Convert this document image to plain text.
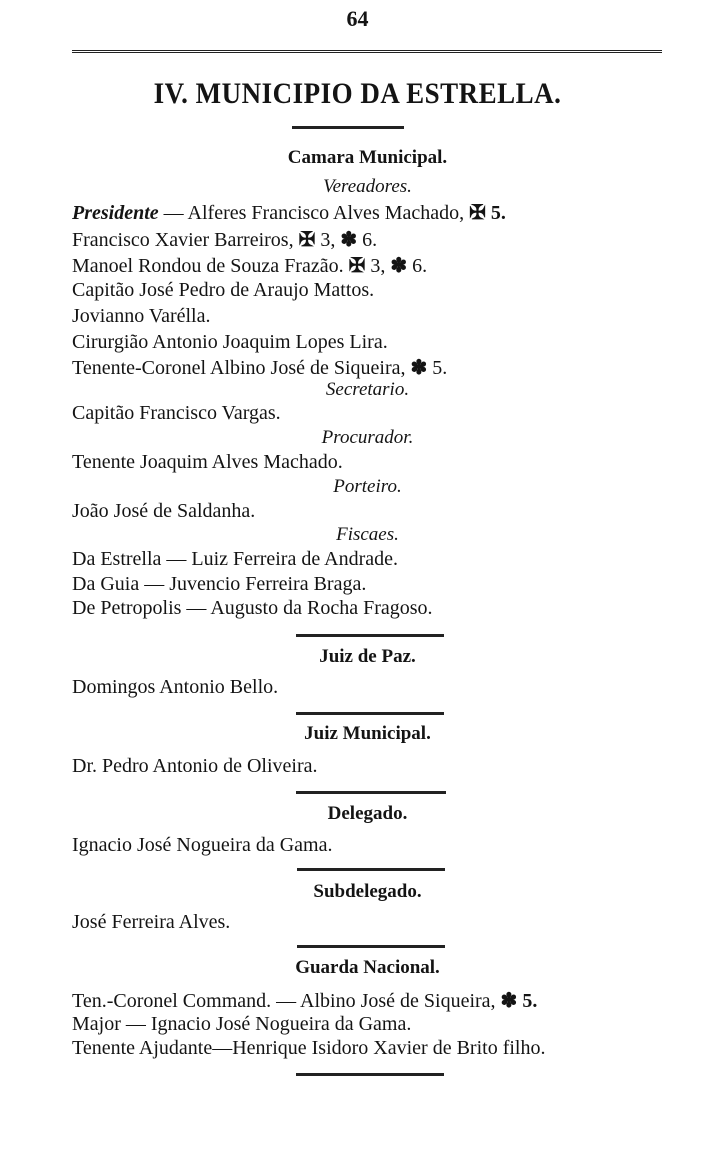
64
IV. MUNICIPIO DA ESTRELLA.
Camara Municipal.
Vereadores.
Presidente — Alferes Francisco Alves Machado, ✠ 5.
Francisco Xavier Barreiros, ✠ 3, ✽ 6.
Manoel Rondou de Souza Frazão. ✠ 3, ✽ 6.
Capitão José Pedro de Araujo Mattos.
Jovianno Varélla.
Cirurgião Antonio Joaquim Lopes Lira.
Tenente-Coronel Albino José de Siqueira, ✽ 5.
Secretario.
Capitão Francisco Vargas.
Procurador.
Tenente Joaquim Alves Machado.
Porteiro.
João José de Saldanha.
Fiscaes.
Da Estrella — Luiz Ferreira de Andrade.
Da Guia — Juvencio Ferreira Braga.
De Petropolis — Augusto da Rocha Fragoso.
Juiz de Paz.
Domingos Antonio Bello.
Juiz Municipal.
Dr. Pedro Antonio de Oliveira.
Delegado.
Ignacio José Nogueira da Gama.
Subdelegado.
José Ferreira Alves.
Guarda Nacional.
Ten.-Coronel Command. — Albino José de Siqueira, ✽ 5.
Major — Ignacio José Nogueira da Gama.
Tenente Ajudante—Henrique Isidoro Xavier de Brito filho.
